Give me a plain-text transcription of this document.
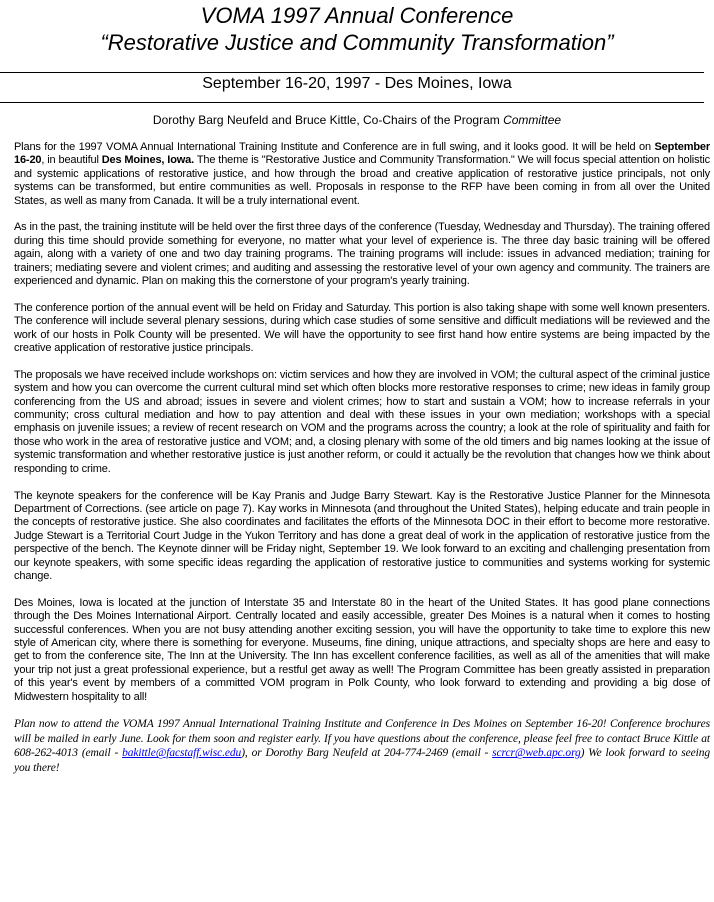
VOMA 1997 Annual Conference
“Restorative Justice and Community Transformation”
September 16-20, 1997 - Des Moines, Iowa
Dorothy Barg Neufeld and Bruce Kittle, Co-Chairs of the Program Committee

Plans for the 1997 VOMA Annual International Training Institute and Conference are in full swing, and it looks good. It will be held on September 16-20, in beautiful Des Moines, Iowa. The theme is "Restorative Justice and Community Transformation." We will focus special attention on holistic and systemic applications of restorative justice, and how through the broad and creative application of restorative justice principals, not only systems can be transformed, but entire communities as well. Proposals in response to the RFP have been coming in from all over the United States, as well as many from Canada. It will be a truly international event.

As in the past, the training institute will be held over the first three days of the conference (Tuesday, Wednesday and Thursday). The training offered during this time should provide something for everyone, no matter what your level of experience is. The three day basic training will be offered again, along with a variety of one and two day training programs. The training programs will include: issues in advanced mediation; training for trainers; mediating severe and violent crimes; and auditing and assessing the restorative level of your own agency and community. The trainers are experienced and dynamic. Plan on making this the cornerstone of your program's yearly training.

The conference portion of the annual event will be held on Friday and Saturday. This portion is also taking shape with some well known presenters. The conference will include several plenary sessions, during which case studies of some sensitive and difficult mediations will be reviewed and the work of our hosts in Polk County will be presented. We will have the opportunity to see first hand how entire systems are being impacted by the creative application of restorative justice principals.

The proposals we have received include workshops on: victim services and how they are involved in VOM; the cultural aspect of the criminal justice system and how you can overcome the current cultural mind set which often blocks more restorative responses to crime; new ideas in family group conferencing from the US and abroad; issues in severe and violent crimes; how to start and sustain a VOM; how to increase referrals in your community; cross cultural mediation and how to pay attention and deal with these issues in your own mediation; workshops with a special emphasis on juvenile issues; a review of recent research on VOM and the programs across the country; a look at the role of spirituality and faith for those who work in the area of restorative justice and VOM; and, a closing plenary with some of the old timers and big names looking at the issue of systemic transformation and whether restorative justice is just another reform, or could it actually be the revolution that changes how we think about responding to crime.

The keynote speakers for the conference will be Kay Pranis and Judge Barry Stewart. Kay is the Restorative Justice Planner for the Minnesota Department of Corrections. (see article on page 7). Kay works in Minnesota (and throughout the United States), helping educate and train people in the concepts of restorative justice. She also coordinates and facilitates the efforts of the Minnesota DOC in their effort to become more restorative. Judge Stewart is a Territorial Court Judge in the Yukon Territory and has done a great deal of work in the application of restorative justice from the perspective of the bench. The Keynote dinner will be Friday night, September 19. We look forward to an exciting and challenging presentation from our keynote speakers, with some specific ideas regarding the application of restorative justice to communities and systems working for systemic change.

Des Moines, Iowa is located at the junction of Interstate 35 and Interstate 80 in the heart of the United States. It has good plane connections through the Des Moines International Airport. Centrally located and easily accessible, greater Des Moines is a natural when it comes to hosting successful conferences. When you are not busy attending another exciting session, you will have the opportunity to take time to explore this new style of American city, where there is something for everyone. Museums, fine dining, unique attractions, and specialty shops are here and easy to get to from the conference site, The Inn at the University. The Inn has excellent conference facilities, as well as all of the amenities that will make your trip not just a great professional experience, but a restful get away as well! The Program Committee has been greatly assisted in preparation of this year's event by members of a committed VOM program in Polk County, who look forward to extending and providing a big dose of Midwestern hospitality to all!

Plan now to attend the VOMA 1997 Annual International Training Institute and Conference in Des Moines on September 16-20! Conference brochures will be mailed in early June. Look for them soon and register early. If you have questions about the conference, please feel free to contact Bruce Kittle at 608-262-4013 (email - bakittle@facstaff.wisc.edu), or Dorothy Barg Neufeld at 204-774-2469 (email - scrcr@web.apc.org) We look forward to seeing you there!
